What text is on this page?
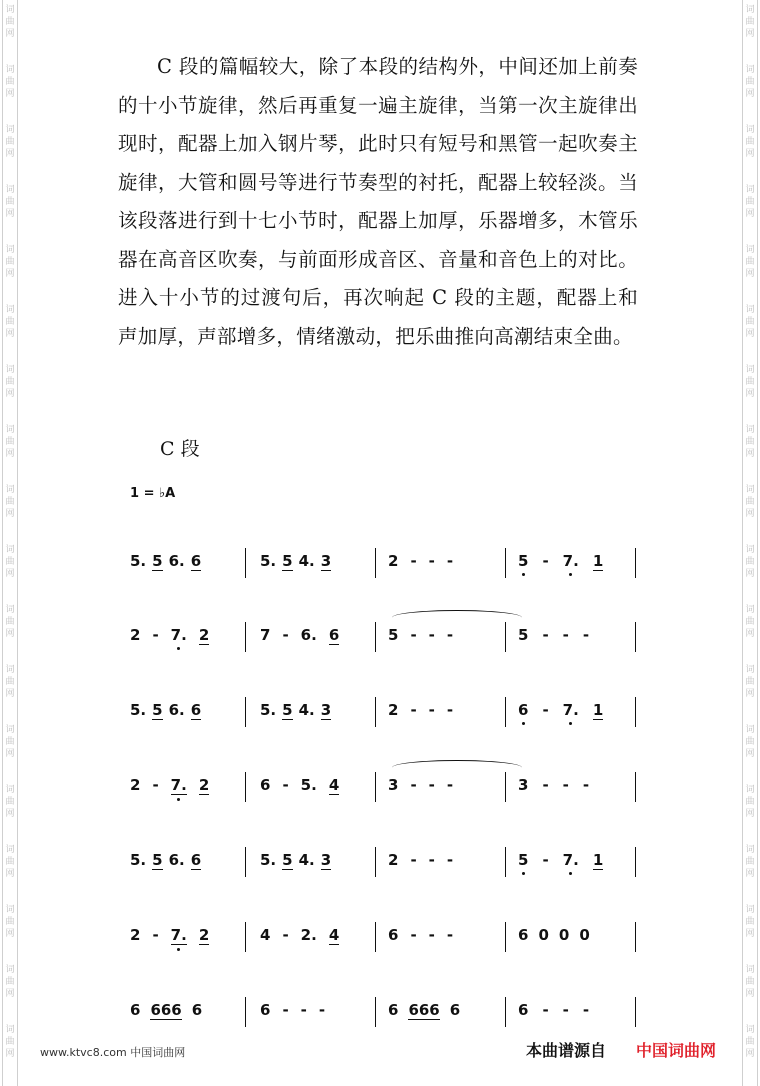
词曲网
词曲网
词曲网
词曲网
词曲网
词曲网
词曲网
词曲网
词曲网
词曲网
词曲网
词曲网
词曲网
词曲网
词曲网
词曲网
词曲网
词曲网
词曲网
词曲网
词曲网
词曲网
词曲网
词曲网
词曲网
词曲网
词曲网
词曲网
词曲网
词曲网
词曲网
词曲网
词曲网
词曲网
词曲网
词曲网
C 段的篇幅较大，除了本段的结构外，中间还加上前奏的十小节旋律，然后再重复一遍主旋律，当第一次主旋律出现时，配器上加入钢片琴，此时只有短号和黑管一起吹奏主旋律，大管和圆号等进行节奏型的衬托，配器上较轻淡。当该段落进行到十七小节时，配器上加厚，乐器增多，木管乐器在高音区吹奏，与前面形成音区、音量和音色上的对比。进入十小节的过渡句后，再次响起 C 段的主题，配器上和声加厚，声部增多，情绪激动，把乐曲推向高潮结束全曲。
C 段
1 = ♭A
5. 5 6. 6	5. 5 4. 3	2 - - -	5 - 7. 1
2 - 7. 2	7 - 6. 6	5 - - -	5 - - -
5. 5 6. 6	5. 5 4. 3	2 - - -	6 - 7. 1
2 - 7. 2	6 - 5. 4	3 - - -	3 - - -
5. 5 6. 6	5. 5 4. 3	2 - - -	5 - 7. 1
2 - 7. 2	4 - 2. 4	6 - - -	6 0 0 0
6 666 6	6 - - -	6 666 6	6 - - -
www.ktvc8.com 中国词曲网	本曲谱源自 中国词曲网
